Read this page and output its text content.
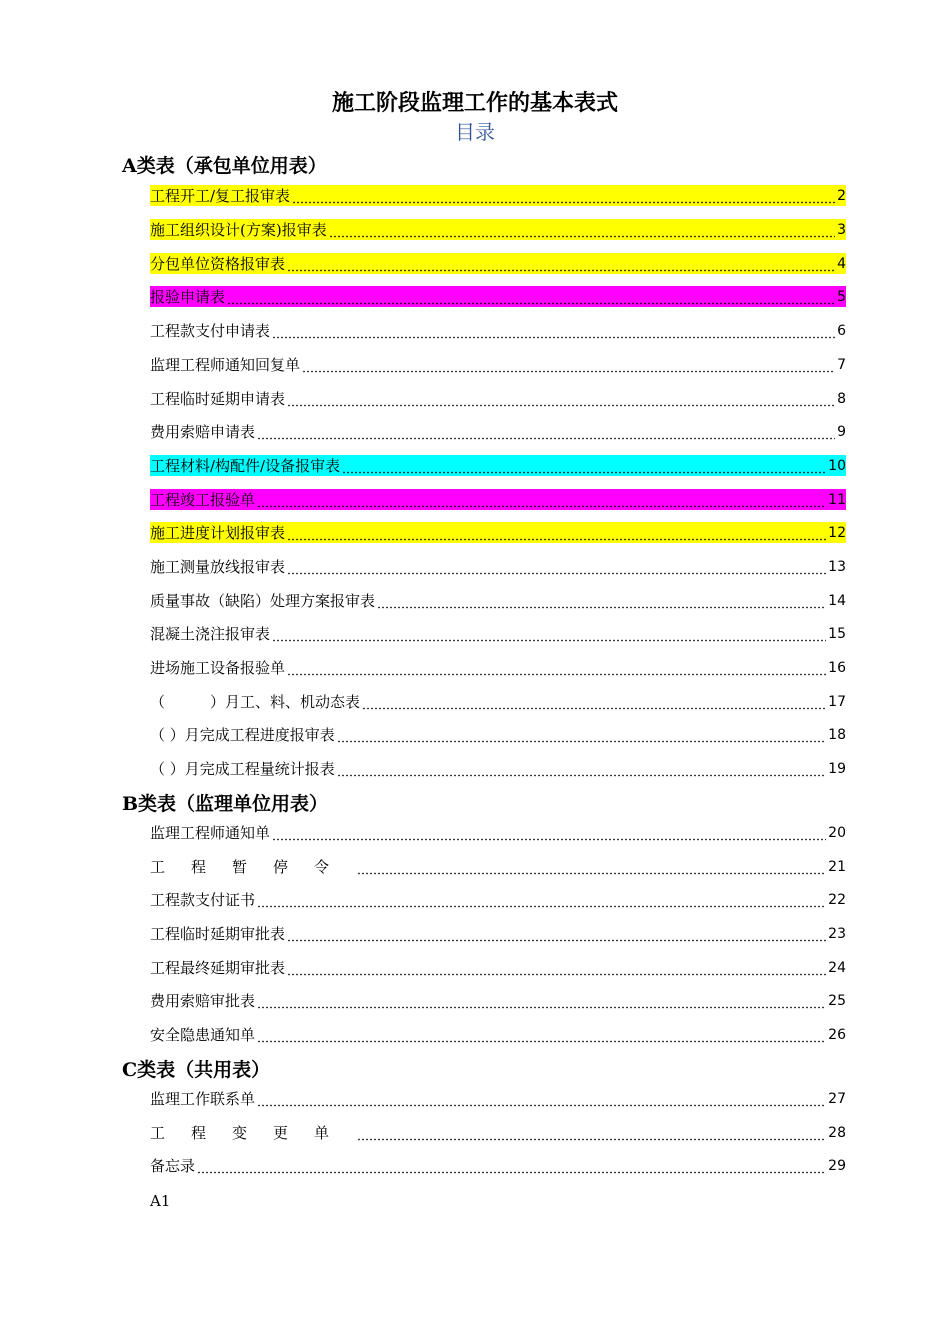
施工阶段监理工作的基本表式
目录
A类表（承包单位用表）
工程开工/复工报审表	2
施工组织设计(方案)报审表	3
分包单位资格报审表	4
报验申请表	5
工程款支付申请表	6
监理工程师通知回复单	7
工程临时延期申请表	8
费用索赔申请表	9
工程材料/构配件/设备报审表	10
工程竣工报验单	11
施工进度计划报审表	12
施工测量放线报审表	13
质量事故（缺陷）处理方案报审表	14
混凝土浇注报审表	15
进场施工设备报验单	16
（　　　）月工、料、机动态表	17
（ ）月完成工程进度报审表	18
（ ）月完成工程量统计报表	19
B类表（监理单位用表）
监理工程师通知单	20
工程暂停令	21
工程款支付证书	22
工程临时延期审批表	23
工程最终延期审批表	24
费用索赔审批表	25
安全隐患通知单	26
C类表（共用表）
监理工作联系单	27
工程变更单	28
备忘录	29
A1
